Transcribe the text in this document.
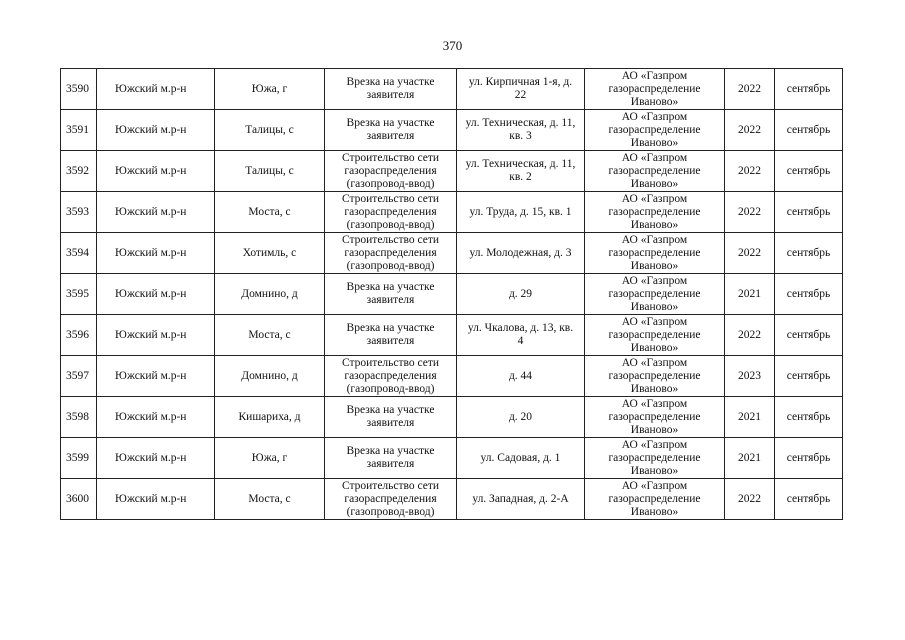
370
3590	Южский м.р-н	Южа, г	Врезка на участке
заявителя	ул. Кирпичная 1-я, д.
22	АО «Газпром
газораспределение
Иваново»	2022	сентябрь
3591	Южский м.р-н	Талицы, с	Врезка на участке
заявителя	ул. Техническая, д. 11,
кв. 3	АО «Газпром
газораспределение
Иваново»	2022	сентябрь
3592	Южский м.р-н	Талицы, с	Строительство сети
газораспределения
(газопровод-ввод)	ул. Техническая, д. 11,
кв. 2	АО «Газпром
газораспределение
Иваново»	2022	сентябрь
3593	Южский м.р-н	Моста, с	Строительство сети
газораспределения
(газопровод-ввод)	ул. Труда, д. 15, кв. 1	АО «Газпром
газораспределение
Иваново»	2022	сентябрь
3594	Южский м.р-н	Хотимль, с	Строительство сети
газораспределения
(газопровод-ввод)	ул. Молодежная, д. 3	АО «Газпром
газораспределение
Иваново»	2022	сентябрь
3595	Южский м.р-н	Домнино, д	Врезка на участке
заявителя	д. 29	АО «Газпром
газораспределение
Иваново»	2021	сентябрь
3596	Южский м.р-н	Моста, с	Врезка на участке
заявителя	ул. Чкалова, д. 13, кв.
4	АО «Газпром
газораспределение
Иваново»	2022	сентябрь
3597	Южский м.р-н	Домнино, д	Строительство сети
газораспределения
(газопровод-ввод)	д. 44	АО «Газпром
газораспределение
Иваново»	2023	сентябрь
3598	Южский м.р-н	Кишариха, д	Врезка на участке
заявителя	д. 20	АО «Газпром
газораспределение
Иваново»	2021	сентябрь
3599	Южский м.р-н	Южа, г	Врезка на участке
заявителя	ул. Садовая, д. 1	АО «Газпром
газораспределение
Иваново»	2021	сентябрь
3600	Южский м.р-н	Моста, с	Строительство сети
газораспределения
(газопровод-ввод)	ул. Западная, д. 2-А	АО «Газпром
газораспределение
Иваново»	2022	сентябрь
